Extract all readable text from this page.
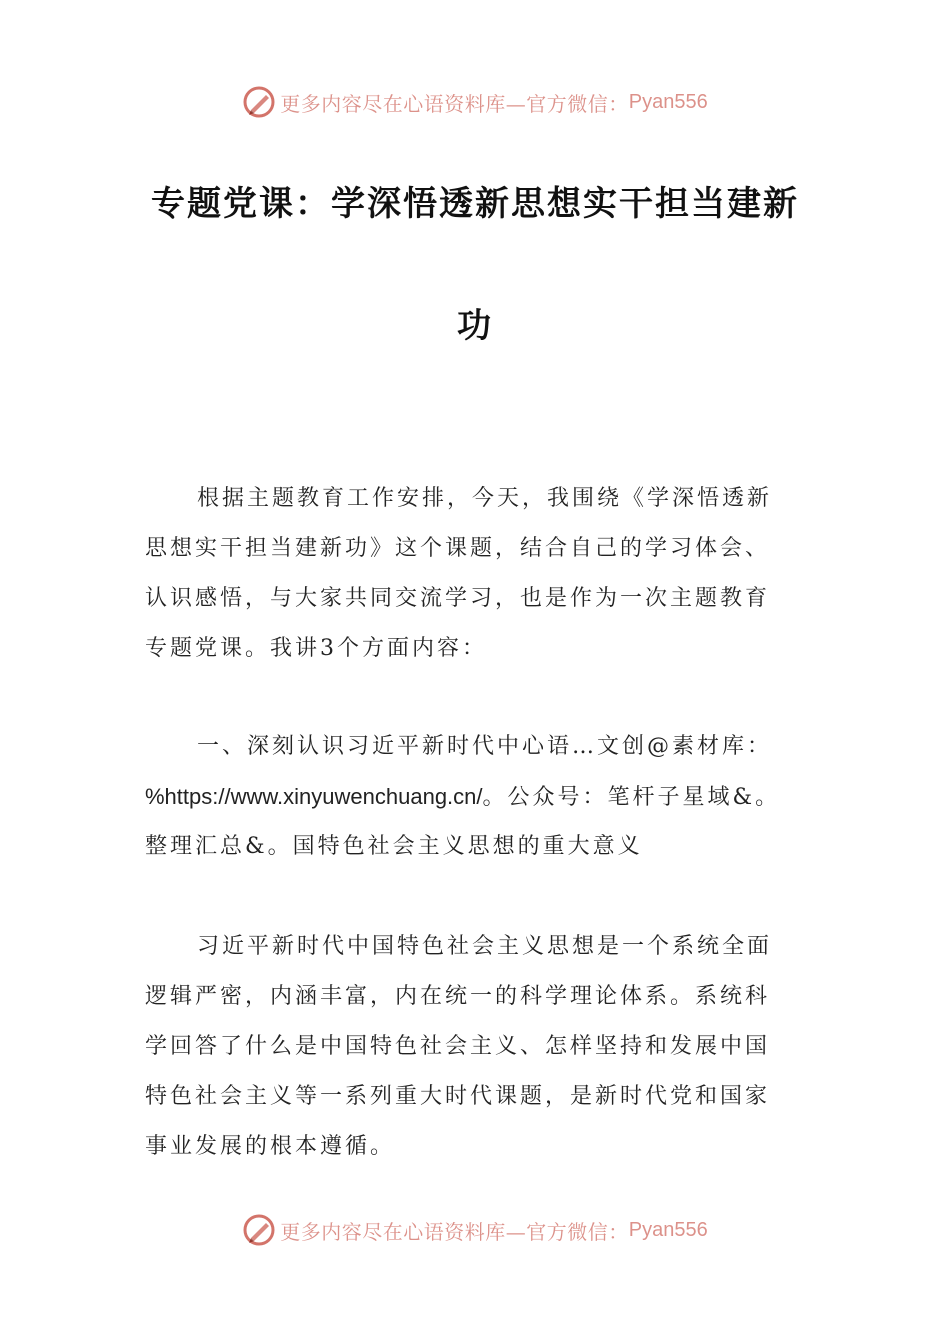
更多内容尽在心语资料库—官方微信： Pyan556
专题党课：学深悟透新思想实干担当建新
功
根据主题教育工作安排，今天，我围绕《学深悟透新
思想实干担当建新功》这个课题，结合自己的学习体会、
认识感悟，与大家共同交流学习，也是作为一次主题教育
专题党课。我讲3个方面内容：
一、深刻认识习近平新时代中心语…文创@素材库：
%https://www.xinyuwenchuang.cn/。公众号：笔杆子星域&。
整理汇总&。国特色社会主义思想的重大意义
习近平新时代中国特色社会主义思想是一个系统全面
逻辑严密，内涵丰富，内在统一的科学理论体系。系统科
学回答了什么是中国特色社会主义、怎样坚持和发展中国
特色社会主义等一系列重大时代课题，是新时代党和国家
事业发展的根本遵循。
更多内容尽在心语资料库—官方微信： Pyan556
